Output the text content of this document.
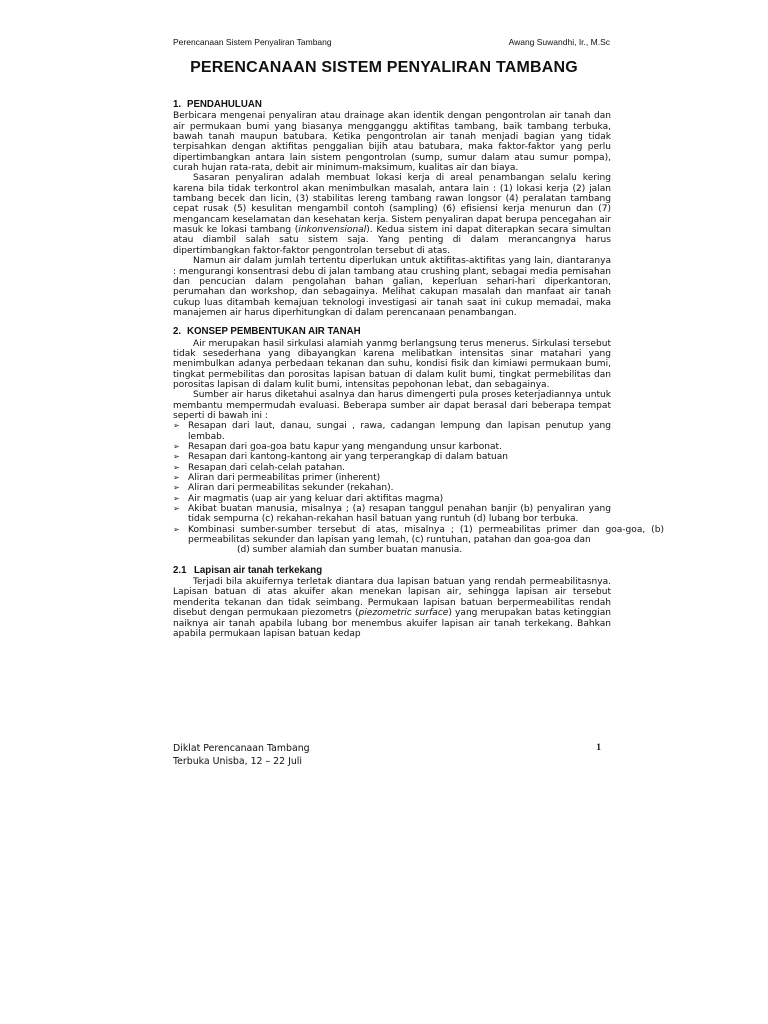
Perencanaan Sistem Penyaliran Tambang	Awang Suwandhi, Ir., M.Sc
PERENCANAAN SISTEM PENYALIRAN TAMBANG
1. PENDAHULUAN

Berbicara mengenai penyaliran atau drainage akan identik dengan pengontrolan air tanah dan air permukaan bumi yang biasanya mengganggu aktifitas tambang, baik tambang terbuka, bawah tanah maupun batubara. Ketika pengontrolan air tanah menjadi bagian yang tidak terpisahkan dengan aktifitas penggalian bijih atau batubara, maka faktor-faktor yang perlu dipertimbangkan antara lain sistem pengontrolan (sump, sumur dalam atau sumur pompa), curah hujan rata-rata, debit air minimum-maksimum, kualitas air dan biaya.

Sasaran penyaliran adalah membuat lokasi kerja di areal penambangan selalu kering karena bila tidak terkontrol akan menimbulkan masalah, antara lain : (1) lokasi kerja (2) jalan tambang becek dan licin, (3) stabilitas lereng tambang rawan longsor (4) peralatan tambang cepat rusak (5) kesulitan mengambil contoh (sampling) (6) efisiensi kerja menurun dan (7) mengancam keselamatan dan kesehatan kerja. Sistem penyaliran dapat berupa pencegahan air masuk ke lokasi tambang (inkonvensional). Kedua sistem ini dapat diterapkan secara simultan atau diambil salah satu sistem saja. Yang penting di dalam merancangnya harus dipertimbangkan faktor-faktor pengontrolan tersebut di atas.

Namun air dalam jumlah tertentu diperlukan untuk aktifitas-aktifitas yang lain, diantaranya : mengurangi konsentrasi debu di jalan tambang atau crushing plant, sebagai media pemisahan dan pencucian dalam pengolahan bahan galian, keperluan sehari-hari diperkantoran, perumahan dan workshop, dan sebagainya. Melihat cakupan masalah dan manfaat air tanah cukup luas ditambah kemajuan teknologi investigasi air tanah saat ini cukup memadai, maka manajemen air harus diperhitungkan di dalam perencanaan penambangan.

2. KONSEP PEMBENTUKAN AIR TANAH

Air merupakan hasil sirkulasi alamiah yanmg berlangsung terus menerus. Sirkulasi tersebut tidak sesederhana yang dibayangkan karena melibatkan intensitas sinar matahari yang menimbulkan adanya perbedaan tekanan dan suhu, kondisi fisik dan kimiawi permukaan bumi, tingkat permebilitas dan porositas lapisan batuan di dalam kulit bumi, tingkat permebilitas dan porositas lapisan di dalam kulit bumi, intensitas pepohonan lebat, dan sebagainya.

Sumber air harus diketahui asalnya dan harus dimengerti pula proses keterjadiannya untuk membantu mempermudah evaluasi. Beberapa sumber air dapat berasal dari beberapa tempat seperti di bawah ini :

➢ Resapan dari laut, danau, sungai , rawa, cadangan lempung dan lapisan penutup yang lembab.
➢ Resapan dari goa-goa batu kapur yang mengandung unsur karbonat.
➢ Resapan dari kantong-kantong air yang terperangkap di dalam batuan
➢ Resapan dari celah-celah patahan.
➢ Aliran dari permeabilitas primer (inherent)
➢ Aliran dari permeabilitas sekunder (rekahan).
➢ Air magmatis (uap air yang keluar dari aktifitas magma)
➢ Akibat buatan manusia, misalnya ; (a) resapan tanggul penahan banjir (b) penyaliran yang tidak sempurna (c) rekahan-rekahan hasil batuan yang runtuh (d) lubang bor terbuka.
➢ Kombinasi sumber-sumber tersebut di atas, misalnya ; (1) permeabilitas primer dan goa-goa, (b) permeabilitas sekunder dan lapisan yang lemah, (c) runtuhan, patahan dan goa-goa dan
(d) sumber alamiah dan sumber buatan manusia.
2.1 Lapisan air tanah terkekang

Terjadi bila akuifernya terletak diantara dua lapisan batuan yang rendah permeabilitasnya. Lapisan batuan di atas akuifer akan menekan lapisan air, sehingga lapisan air tersebut menderita tekanan dan tidak seimbang. Permukaan lapisan batuan berpermeabilitas rendah disebut dengan permukaan piezometrs (piezometric surface) yang merupakan batas ketinggian naiknya air tanah apabila lubang bor menembus akuifer lapisan air tanah terkekang. Bahkan apabila permukaan lapisan batuan kedap

Diklat Perencanaan Tambang
Terbuka Unisba, 12 – 22 Juli
1
